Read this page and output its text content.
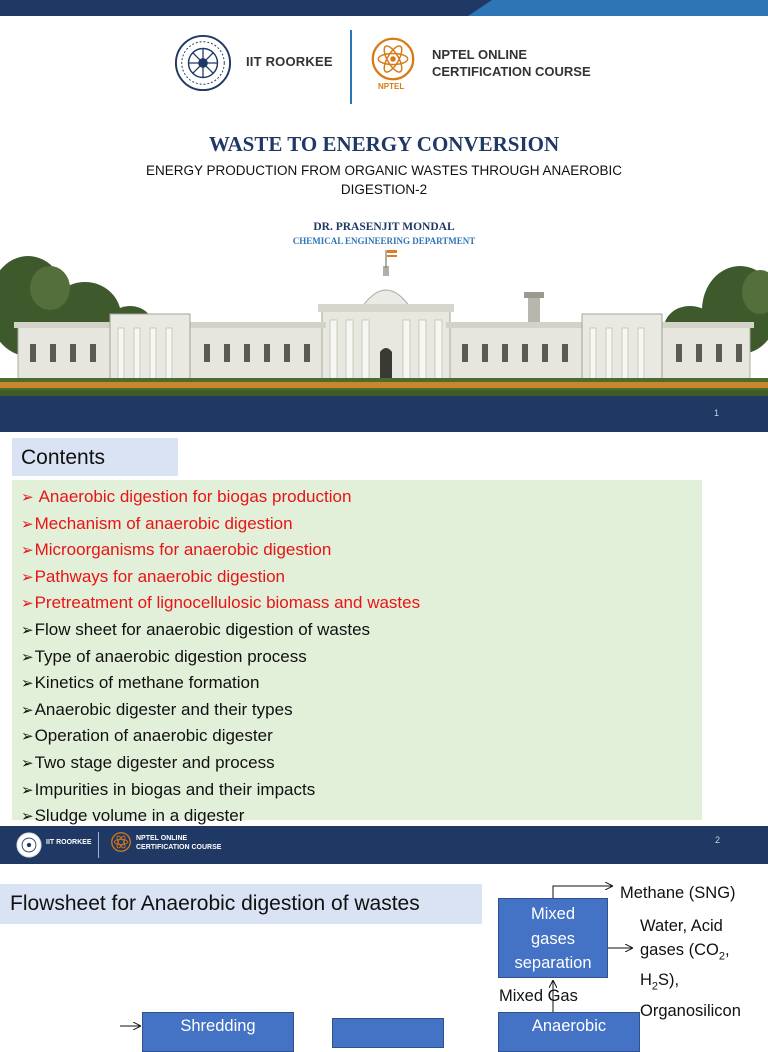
IIT ROORKEE
NPTEL
NPTEL ONLINE
CERTIFICATION COURSE
WASTE TO ENERGY CONVERSION
ENERGY PRODUCTION FROM ORGANIC WASTES THROUGH ANAEROBIC DIGESTION-2
DR. PRASENJIT MONDAL
CHEMICAL ENGINEERING DEPARTMENT
1
Contents
➢ Anaerobic digestion for biogas production
➢Mechanism of anaerobic digestion
➢Microorganisms for anaerobic digestion
➢Pathways for anaerobic digestion
➢Pretreatment of lignocellulosic biomass and wastes
➢Flow sheet for anaerobic digestion of wastes
➢Type of anaerobic digestion process
➢Kinetics of methane formation
➢Anaerobic digester and their types
➢Operation of anaerobic digester
➢Two stage digester and process
➢Impurities in biogas and their impacts
➢Sludge volume in a digester
IIT ROORKEE
NPTEL ONLINE
CERTIFICATION COURSE
2
Flowsheet for Anaerobic digestion of wastes	Mixed
gases
separation
Methane (SNG)
Water, Acid
gases ($CO_2$,
$H_2S$),
Organosilicon
Mixed Gas
Shredding	Anaerobic
